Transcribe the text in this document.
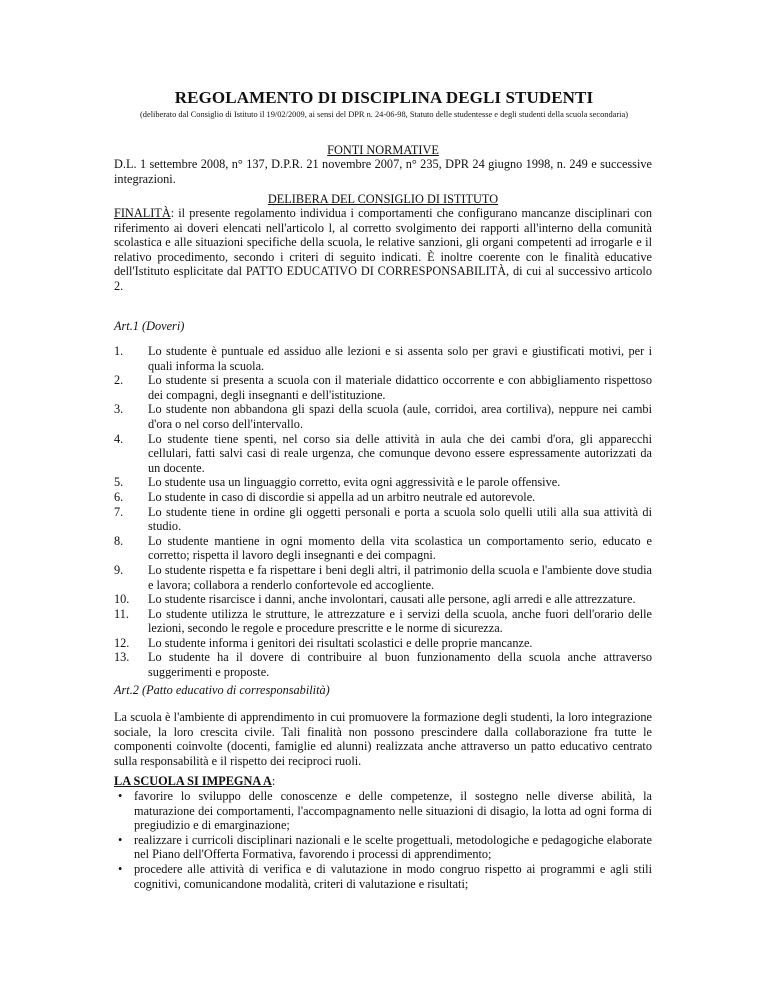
REGOLAMENTO DI DISCIPLINA DEGLI STUDENTI
(deliberato dal Consiglio di Istituto il 19/02/2009, ai sensi del DPR n. 24-06-98, Statuto delle studentesse e degli studenti della scuola secondaria)
FONTI NORMATIVE
D.L. 1 settembre 2008, n° 137, D.P.R. 21 novembre 2007, n° 235, DPR 24 giugno 1998, n. 249 e successive integrazioni.
DELIBERA DEL CONSIGLIO DI ISTITUTO
FINALITÀ: il presente regolamento individua i comportamenti che configurano mancanze disciplinari con riferimento ai doveri elencati nell'articolo l, al corretto svolgimento dei rapporti all'interno della comunità scolastica e alle situazioni specifiche della scuola, le relative sanzioni, gli organi competenti ad irrogarle e il relativo procedimento, secondo i criteri di seguito indicati. È inoltre coerente con le finalità educative dell'Istituto esplicitate dal PATTO EDUCATIVO DI CORRESPONSABILITÀ, di cui al successivo articolo 2.
Art.1 (Doveri)
1. Lo studente è puntuale ed assiduo alle lezioni e si assenta solo per gravi e giustificati motivi, per i quali informa la scuola.
2. Lo studente si presenta a scuola con il materiale didattico occorrente e con abbigliamento rispettoso dei compagni, degli insegnanti e dell'istituzione.
3. Lo studente non abbandona gli spazi della scuola (aule, corridoi, area cortiliva), neppure nei cambi d'ora o nel corso dell'intervallo.
4. Lo studente tiene spenti, nel corso sia delle attività in aula che dei cambi d'ora, gli apparecchi cellulari, fatti salvi casi di reale urgenza, che comunque devono essere espressamente autorizzati da un docente.
5. Lo studente usa un linguaggio corretto, evita ogni aggressività e le parole offensive.
6. Lo studente in caso di discordie si appella ad un arbitro neutrale ed autorevole.
7. Lo studente tiene in ordine gli oggetti personali e porta a scuola solo quelli utili alla sua attività di studio.
8. Lo studente mantiene in ogni momento della vita scolastica un comportamento serio, educato e corretto; rispetta il lavoro degli insegnanti e dei compagni.
9. Lo studente rispetta e fa rispettare i beni degli altri, il patrimonio della scuola e l'ambiente dove studia e lavora; collabora a renderlo confortevole ed accogliente.
10. Lo studente risarcisce i danni, anche involontari, causati alle persone, agli arredi e alle attrezzature.
11. Lo studente utilizza le strutture, le attrezzature e i servizi della scuola, anche fuori dell'orario delle lezioni, secondo le regole e procedure prescritte e le norme di sicurezza.
12. Lo studente informa i genitori dei risultati scolastici e delle proprie mancanze.
13. Lo studente ha il dovere di contribuire al buon funzionamento della scuola anche attraverso suggerimenti e proposte.
Art.2 (Patto educativo di corresponsabilità)
La scuola è l'ambiente di apprendimento in cui promuovere la formazione degli studenti, la loro integrazione sociale, la loro crescita civile. Tali finalità non possono prescindere dalla collaborazione fra tutte le componenti coinvolte (docenti, famiglie ed alunni) realizzata anche attraverso un patto educativo centrato sulla responsabilità e il rispetto dei reciproci ruoli.
LA SCUOLA SI IMPEGNA A:
• favorire lo sviluppo delle conoscenze e delle competenze, il sostegno nelle diverse abilità, la maturazione dei comportamenti, l'accompagnamento nelle situazioni di disagio, la lotta ad ogni forma di pregiudizio e di emarginazione;
• realizzare i curricoli disciplinari nazionali e le scelte progettuali, metodologiche e pedagogiche elaborate nel Piano dell'Offerta Formativa, favorendo i processi di apprendimento;
• procedere alle attività di verifica e di valutazione in modo congruo rispetto ai programmi e agli stili cognitivi, comunicandone modalità, criteri di valutazione e risultati;
